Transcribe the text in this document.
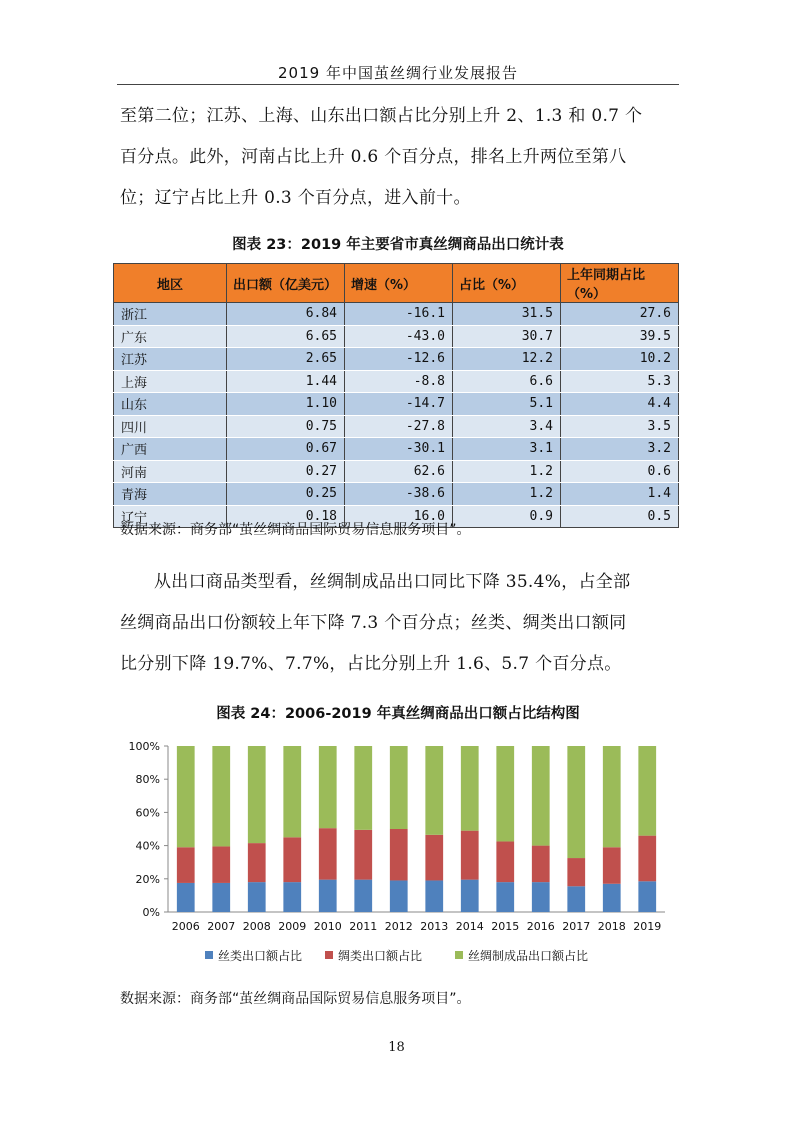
2019 年中国茧丝绸行业发展报告
至第二位；江苏、上海、山东出口额占比分别上升 2、1.3 和 0.7 个
百分点。此外，河南占比上升 0.6 个百分点，排名上升两位至第八
位；辽宁占比上升 0.3 个百分点，进入前十。
图表 23：2019 年主要省市真丝绸商品出口统计表
地区	出口额（亿美元）	增速（%）	占比（%）	上年同期占比（%）
浙江	6.84	-16.1	31.5	27.6
广东	6.65	-43.0	30.7	39.5
江苏	2.65	-12.6	12.2	10.2
上海	1.44	-8.8	6.6	5.3
山东	1.10	-14.7	5.1	4.4
四川	0.75	-27.8	3.4	3.5
广西	0.67	-30.1	3.1	3.2
河南	0.27	62.6	1.2	0.6
青海	0.25	-38.6	1.2	1.4
辽宁	0.18	16.0	0.9	0.5
数据来源：商务部“茧丝绸商品国际贸易信息服务项目”。
从出口商品类型看，丝绸制成品出口同比下降 35.4%，占全部
丝绸商品出口份额较上年下降 7.3 个百分点；丝类、绸类出口额同
比分别下降 19.7%、7.7%，占比分别上升 1.6、5.7 个百分点。
图表 24：2006-2019 年真丝绸商品出口额占比结构图
0%
20%
40%
60%
80%
100%
2006 2007 2008 2009 2010 2011 2012 2013 2014 2015 2016 2017 2018 2019
丝类出口额占比	绸类出口额占比	丝绸制成品出口额占比
数据来源：商务部“茧丝绸商品国际贸易信息服务项目”。
18
